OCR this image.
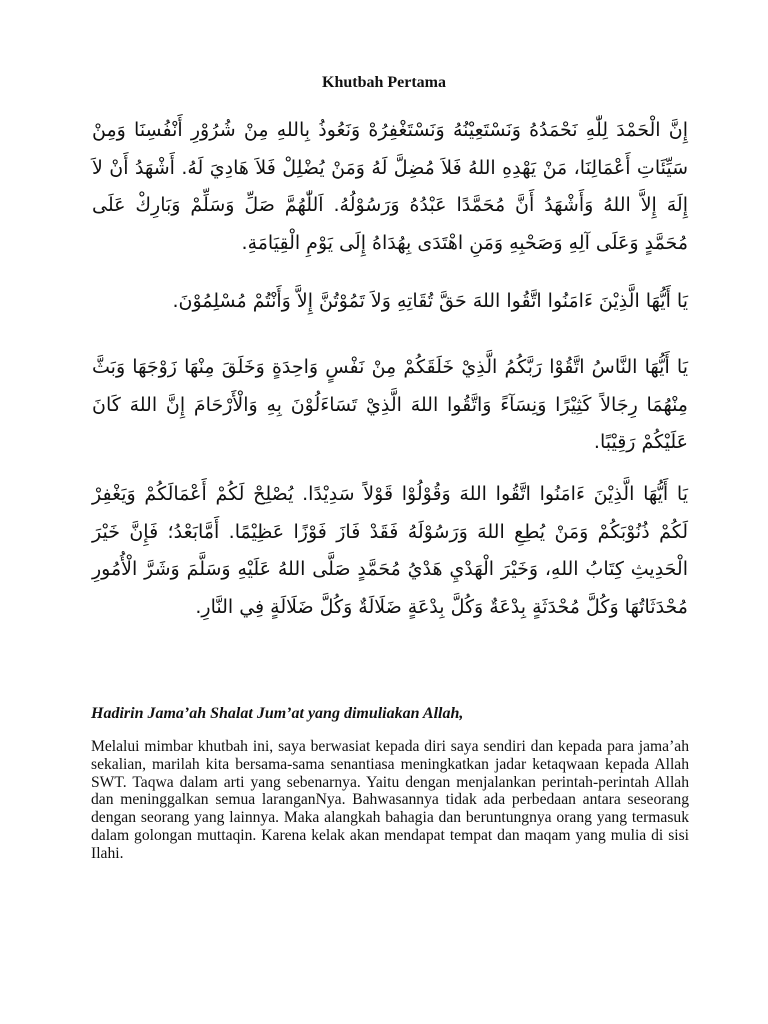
Khutbah Pertama

إِنَّ الْحَمْدَ لِلّٰهِ نَحْمَدُهُ وَنَسْتَعِيْنُهُ وَنَسْتَغْفِرُهْ وَنَعُوذُ بِاللهِ مِنْ شُرُوْرِ أَنْفُسِنَا وَمِنْ سَيِّئَاتِ أَعْمَالِنَا، مَنْ يَهْدِهِ اللهُ فَلاَ مُضِلَّ لَهُ وَمَنْ يُضْلِلْ فَلاَ هَادِيَ لَهُ. أَشْهَدُ أَنْ لاَ إِلَهَ إِلاَّ اللهُ وَأَشْهَدُ أَنَّ مُحَمَّدًا عَبْدُهُ وَرَسُوْلُهُ. اَللّٰهُمَّ صَلِّ وَسَلِّمْ وَبَارِكْ عَلَى مُحَمَّدٍ وَعَلَى آلِهِ وَصَحْبِهِ وَمَنِ اهْتَدَى بِهُدَاهُ إِلَى يَوْمِ الْقِيَامَةِ.

يَا أَيُّهَا الَّذِيْنَ ءَامَنُوا اتَّقُوا اللهَ حَقَّ تُقَاتِهِ وَلاَ تَمُوْتُنَّ إِلاَّ وَأَنْتُمْ مُسْلِمُوْنَ.

يَا أَيُّهَا النَّاسُ اتَّقُوْا رَبَّكُمُ الَّذِيْ خَلَقَكُمْ مِنْ نَفْسٍ وَاحِدَةٍ وَخَلَقَ مِنْهَا زَوْجَهَا وَبَثَّ مِنْهُمَا رِجَالاً كَثِيْرًا وَنِسَآءً وَاتَّقُوا اللهَ الَّذِيْ تَسَاءَلُوْنَ بِهِ وَالْأَرْحَامَ إِنَّ اللهَ كَانَ عَلَيْكُمْ رَقِيْبًا.

يَا أَيُّهَا الَّذِيْنَ ءَامَنُوا اتَّقُوا اللهَ وَقُوْلُوْا قَوْلاً سَدِيْدًا. يُصْلِحْ لَكُمْ أَعْمَالَكُمْ وَيَغْفِرْ لَكُمْ ذُنُوْبَكُمْ وَمَنْ يُطِعِ اللهَ وَرَسُوْلَهُ فَقَدْ فَازَ فَوْزًا عَظِيْمًا. أَمَّابَعْدُ؛ فَإِنَّ خَيْرَ الْحَدِيثِ كِتَابُ اللهِ، وَخَيْرَ الْهَدْيِ هَدْيُ مُحَمَّدٍ صَلَّى اللهُ عَلَيْهِ وَسَلَّمَ وَشَرَّ الْأُمُورِ مُحْدَثَاتُهَا وَكُلَّ مُحْدَثَةٍ بِدْعَةٌ وَكُلَّ بِدْعَةٍ ضَلَالَةٌ وَكُلَّ ضَلَالَةٍ فِي النَّارِ.

Hadirin Jama’ah Shalat Jum’at yang dimuliakan Allah,

Melalui mimbar khutbah ini, saya berwasiat kepada diri saya sendiri dan kepada para jama’ah sekalian, marilah kita bersama-sama senantiasa meningkatkan jadar ketaqwaan kepada Allah SWT. Taqwa dalam arti yang sebenarnya. Yaitu dengan menjalankan perintah-perintah Allah dan meninggalkan semua laranganNya. Bahwasannya tidak ada perbedaan antara seseorang dengan seorang yang lainnya. Maka alangkah bahagia dan beruntungnya orang yang termasuk dalam golongan muttaqin. Karena kelak akan mendapat tempat dan maqam yang mulia di sisi Ilahi.
